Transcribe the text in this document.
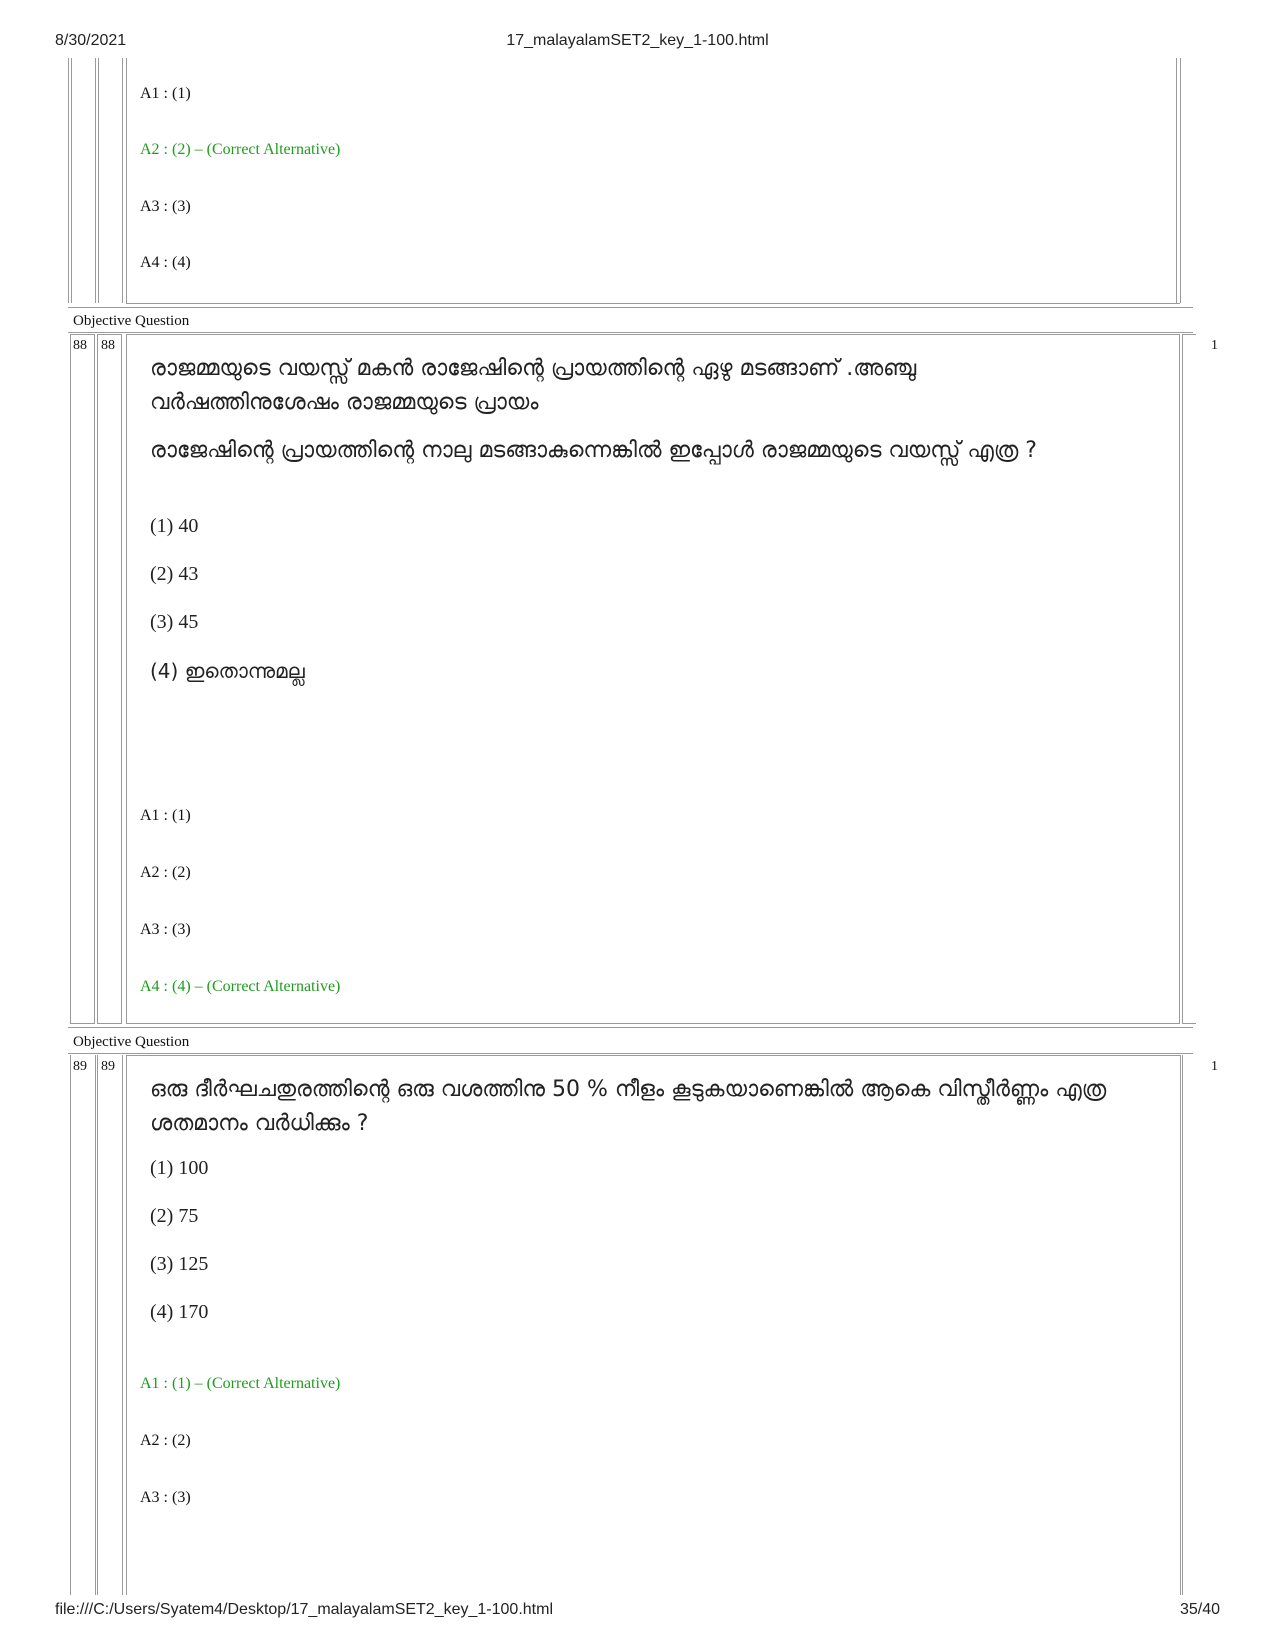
8/30/2021	17_malayalamSET2_key_1-100.html
file:///C:/Users/Syatem4/Desktop/17_malayalamSET2_key_1-100.html	35/40
A1 : (1)
A2 : (2) – (Correct Alternative)
A3 : (3)
A4 : (4)
Objective Question
88 88	1
രാജമ്മയുടെ വയസ്സ് മകൻ രാജേഷിന്റെ പ്രായത്തിന്റെ ഏഴു മടങ്ങാണ് .അഞ്ചു വർഷത്തിനുശേഷം രാജമ്മയുടെ പ്രായം
രാജേഷിന്റെ പ്രായത്തിന്റെ നാലു മടങ്ങാകുന്നെങ്കിൽ ഇപ്പോൾ രാജമ്മയുടെ വയസ്സ് എത്ര ?
(1) 40
(2) 43
(3) 45
(4) ഇതൊന്നുമല്ല
A1 : (1)
A2 : (2)
A3 : (3)
A4 : (4) – (Correct Alternative)
Objective Question
89 89	1
ഒരു ദീർഘചതുരത്തിന്റെ ഒരു വശത്തിനു 50 % നീളം കൂടുകയാണെങ്കിൽ ആകെ വിസ്തീർണ്ണം എത്ര ശതമാനം വർധിക്കും ?
(1) 100
(2) 75
(3) 125
(4) 170
A1 : (1) – (Correct Alternative)
A2 : (2)
A3 : (3)
